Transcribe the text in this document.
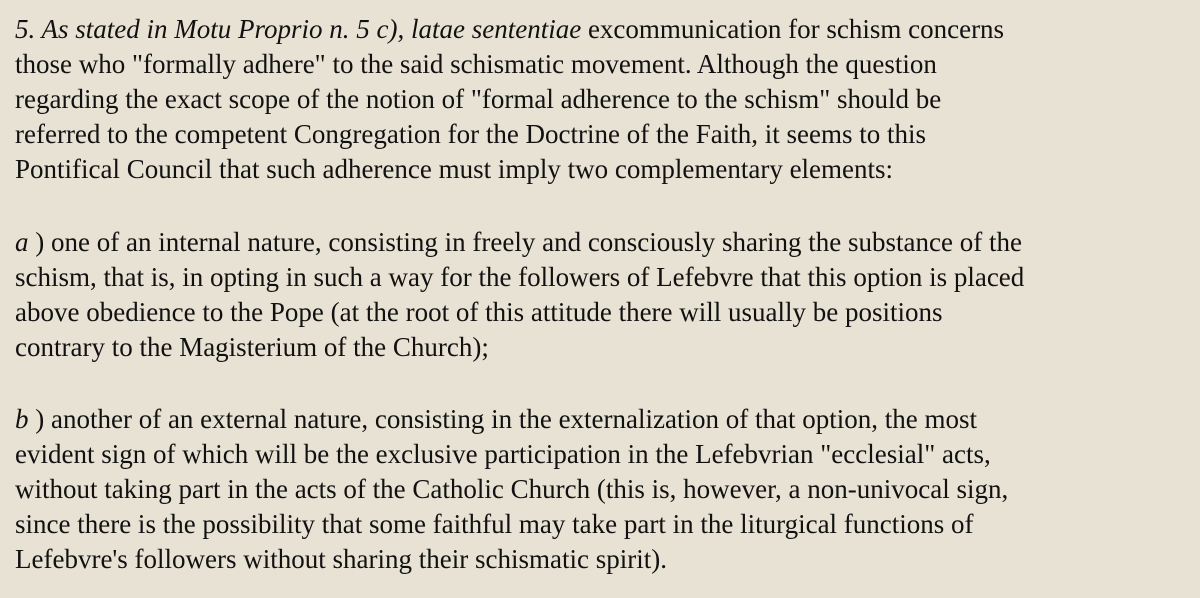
5. As stated in Motu Proprio n. 5 c), latae sententiae excommunication for schism concerns
those who "formally adhere" to the said schismatic movement. Although the question
regarding the exact scope of the notion of "formal adherence to the schism" should be
referred to the competent Congregation for the Doctrine of the Faith, it seems to this
Pontifical Council that such adherence must imply two complementary elements:

a ) one of an internal nature, consisting in freely and consciously sharing the substance of the
schism, that is, in opting in such a way for the followers of Lefebvre that this option is placed
above obedience to the Pope (at the root of this attitude there will usually be positions
contrary to the Magisterium of the Church);

b ) another of an external nature, consisting in the externalization of that option, the most
evident sign of which will be the exclusive participation in the Lefebvrian "ecclesial" acts,
without taking part in the acts of the Catholic Church (this is, however, a non-univocal sign,
since there is the possibility that some faithful may take part in the liturgical functions of
Lefebvre's followers without sharing their schismatic spirit).
